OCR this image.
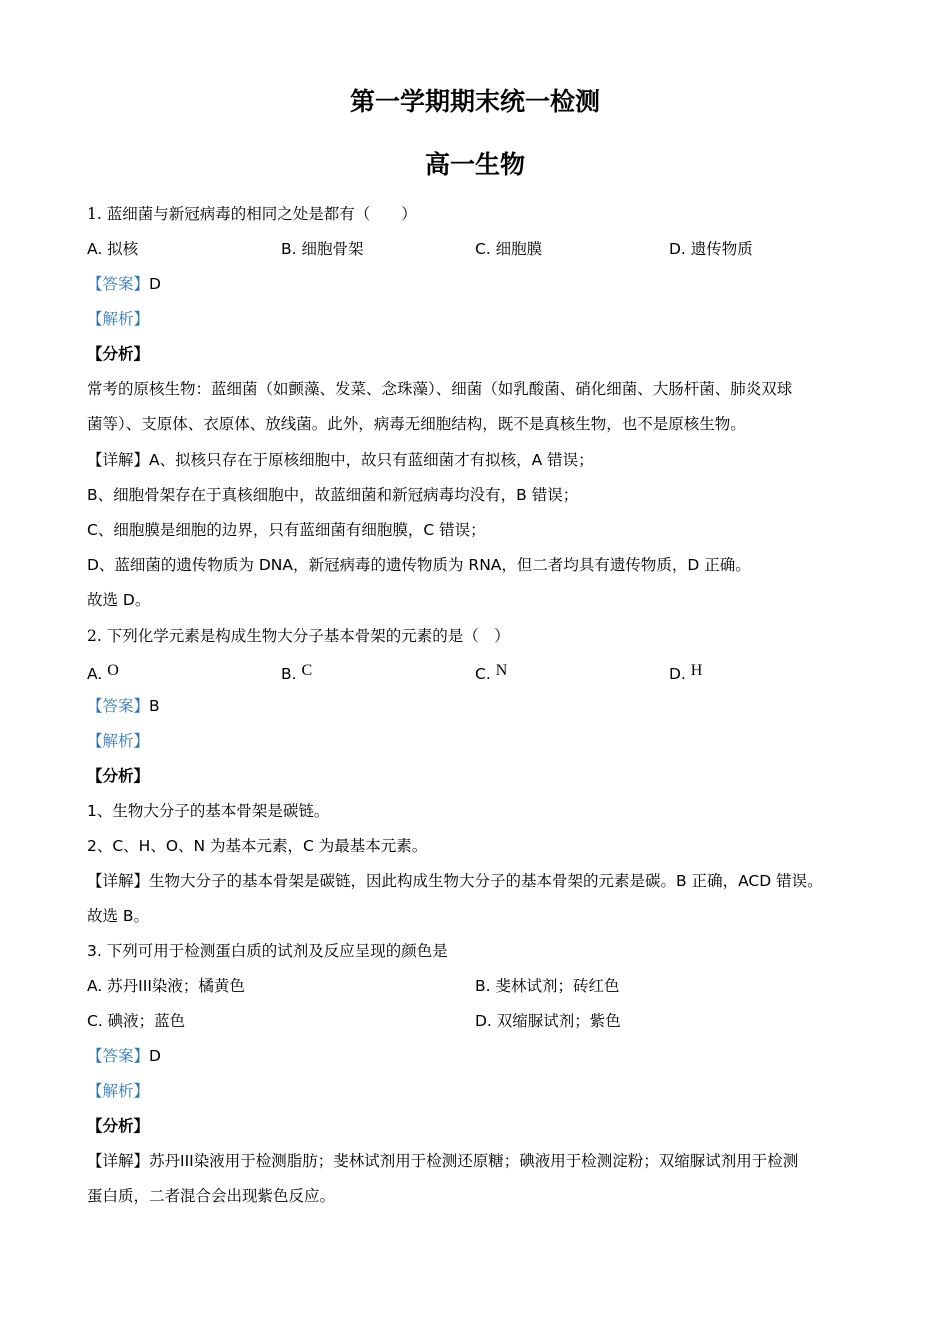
第一学期期末统一检测
高一生物
1. 蓝细菌与新冠病毒的相同之处是都有（　　）
A. 拟核	B. 细胞骨架	C. 细胞膜	D. 遗传物质
【答案】D
【解析】
【分析】
常考的原核生物：蓝细菌（如颤藻、发菜、念珠藻）、细菌（如乳酸菌、硝化细菌、大肠杆菌、肺炎双球
菌等）、支原体、衣原体、放线菌。此外，病毒无细胞结构，既不是真核生物，也不是原核生物。
【详解】A、拟核只存在于原核细胞中，故只有蓝细菌才有拟核，A 错误；
B、细胞骨架存在于真核细胞中，故蓝细菌和新冠病毒均没有，B 错误；
C、细胞膜是细胞的边界，只有蓝细菌有细胞膜，C 错误；
D、蓝细菌的遗传物质为 DNA，新冠病毒的遗传物质为 RNA，但二者均具有遗传物质，D 正确。
故选 D。
2. 下列化学元素是构成生物大分子基本骨架的元素的是（　）
A. O	B. C	C. N	D. H
【答案】B
【解析】
【分析】
1、生物大分子的基本骨架是碳链。
2、C、H、O、N 为基本元素，C 为最基本元素。
【详解】生物大分子的基本骨架是碳链，因此构成生物大分子的基本骨架的元素是碳。B 正确，ACD 错误。
故选 B。
3. 下列可用于检测蛋白质的试剂及反应呈现的颜色是
A. 苏丹III染液；橘黄色	B. 斐林试剂；砖红色
C. 碘液；蓝色	D. 双缩脲试剂；紫色
【答案】D
【解析】
【分析】
【详解】苏丹III染液用于检测脂肪；斐林试剂用于检测还原糖；碘液用于检测淀粉；双缩脲试剂用于检测
蛋白质，二者混合会出现紫色反应。
